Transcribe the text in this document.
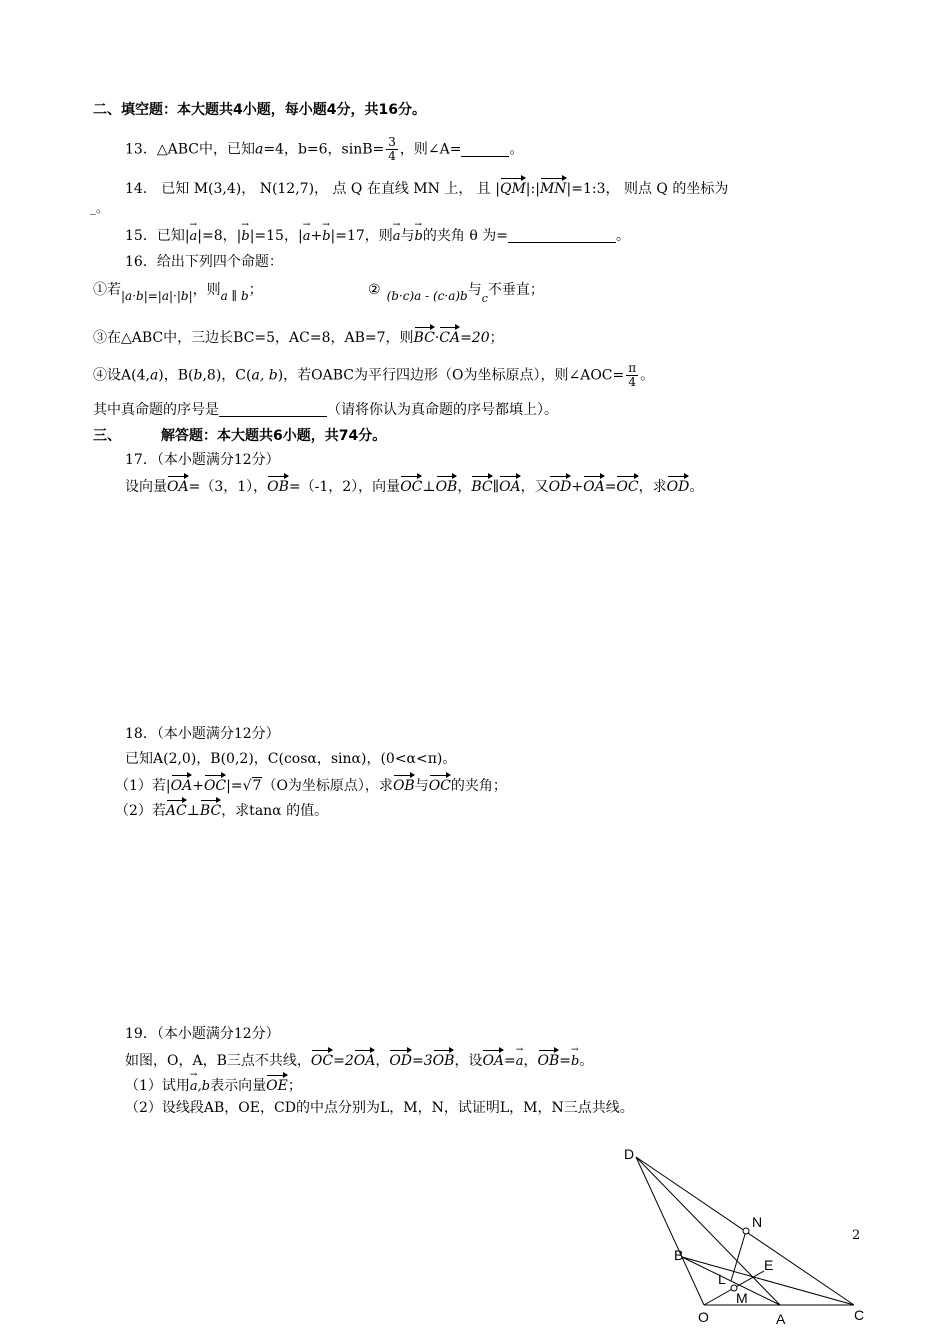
二、填空题：本大题共4小题，每小题4分，共16分。
13．△ABC中，已知a=4，b=6，$\sin B= \frac{3}{4}$ ，则∠A=	。
14． 已知 M(3,4)， N(12,7)， 点 Q 在直线 MN 上， 且 |QM|:|MN|=1:3， 则点 Q 的坐标为
_。
15．已知|a →|=8，|b →|=15，|a →+b →|=17，则a →与b →的夹角 θ 为=	。
16．给出下列四个命题：
①若|a·b|=|a|·|b|，则a ∥ b；	② (b·c)a - (c·a)b与$_c$不垂直；
③在△ABC中，三边长BC=5，AC=8，AB=7，则BC·CA=20；
④设A(4,a)，B(b,8)，C(a, b)，若OABC为平行四边形（O为坐标原点），则∠AOC= $\frac{\pi}{4}$ 。
其中真命题的序号是	（请将你认为真命题的序号都填上）。
三、	解答题：本大题共6小题，共74分。
17．（本小题满分12分）
设向量OA=（3，1），OB=（-1，2），向量OC⊥OB，BC∥OA，又OD+OA=OC，求OD。
18．（本小题满分12分）
已知A(2,0)，B(0,2)，C(cosα，sinα)，(0<α<π)。
（1）若|OA+OC|=√7（O为坐标原点），求OB与OC的夹角；
（2）若AC⊥BC，求tanα 的值。
19．（本小题满分12分）
如图，O，A，B三点不共线，OC=2OA，OD=3OB，设OA=a →，OB=b →。
（1）试用a,b →表示向量OE；
（2）设线段AB，OE，CD的中点分别为L，M，N，试证明L，M，N三点共线。
D
N
B
E
L
M
O	A	C
2
